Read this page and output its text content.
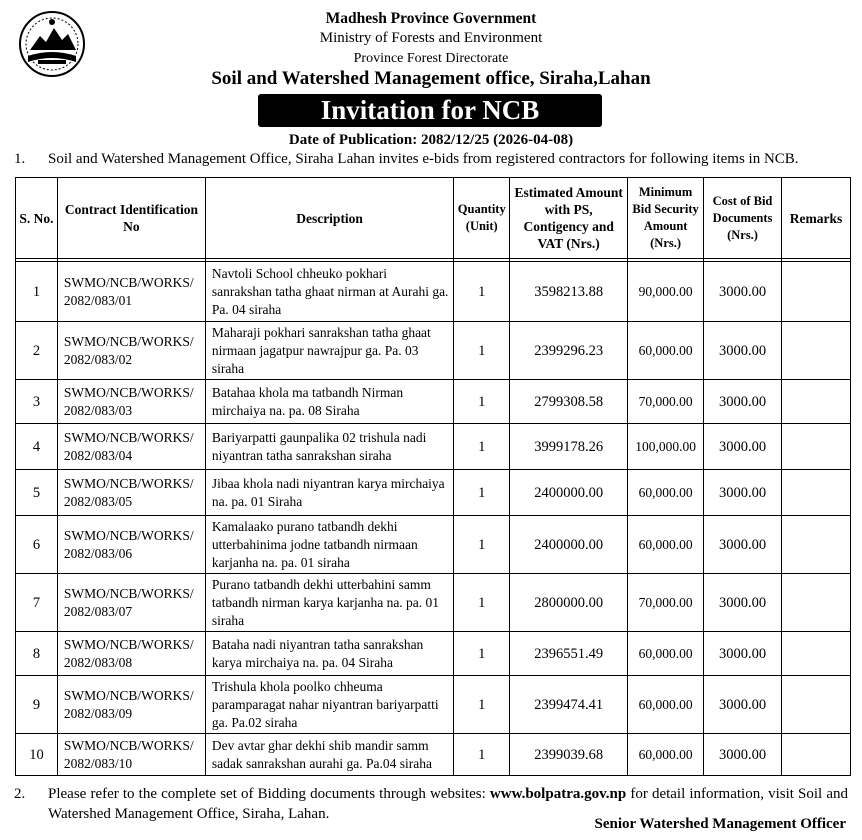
Madhesh Province Government
Ministry of Forests and Environment
Province Forest Directorate
Soil and Watershed Management office, Siraha,Lahan
Invitation for NCB
Date of Publication: 2082/12/25 (2026-04-08)
1. Soil and Watershed Management Office, Siraha Lahan invites e-bids from registered contractors for following items in NCB.
S. No.	Contract Identification No	Description	Quantity (Unit)	Estimated Amount with PS, Contigency and VAT (Nrs.)	Minimum Bid Security Amount (Nrs.)	Cost of Bid Documents (Nrs.)	Remarks

1	SWMO/NCB/WORKS/ 2082/083/01	Navtoli School chheuko pokhari sanrakshan tatha ghaat nirman at Aurahi ga. Pa. 04 siraha	1	3598213.88	90,000.00	3000.00	
2	SWMO/NCB/WORKS/ 2082/083/02	Maharaji pokhari sanrakshan tatha ghaat nirmaan jagatpur nawrajpur ga. Pa. 03 siraha	1	2399296.23	60,000.00	3000.00	
3	SWMO/NCB/WORKS/ 2082/083/03	Batahaa khola ma tatbandh Nirman mirchaiya na. pa. 08 Siraha	1	2799308.58	70,000.00	3000.00	
4	SWMO/NCB/WORKS/ 2082/083/04	Bariyarpatti gaunpalika 02 trishula nadi niyantran tatha sanrakshan siraha	1	3999178.26	100,000.00	3000.00	
5	SWMO/NCB/WORKS/ 2082/083/05	Jibaa khola nadi niyantran karya mirchaiya na. pa. 01 Siraha	1	2400000.00	60,000.00	3000.00	
6	SWMO/NCB/WORKS/ 2082/083/06	Kamalaako purano tatbandh dekhi utterbahinima jodne tatbandh nirmaan karjanha na. pa. 01 siraha	1	2400000.00	60,000.00	3000.00	
7	SWMO/NCB/WORKS/ 2082/083/07	Purano tatbandh dekhi utterbahini samm tatbandh nirman karya karjanha na. pa. 01 siraha	1	2800000.00	70,000.00	3000.00	
8	SWMO/NCB/WORKS/ 2082/083/08	Bataha nadi niyantran tatha sanrakshan karya mirchaiya na. pa. 04 Siraha	1	2396551.49	60,000.00	3000.00	
9	SWMO/NCB/WORKS/ 2082/083/09	Trishula khola poolko chheuma paramparagat nahar niyantran bariyarpatti ga. Pa.02 siraha	1	2399474.41	60,000.00	3000.00	
10	SWMO/NCB/WORKS/ 2082/083/10	Dev avtar ghar dekhi shib mandir samm sadak sanrakshan aurahi ga. Pa.04 siraha	1	2399039.68	60,000.00	3000.00	
2. Please refer to the complete set of Bidding documents through websites: www.bolpatra.gov.np for detail information, visit Soil and Watershed Management Office, Siraha, Lahan.
Senior Watershed Management Officer
